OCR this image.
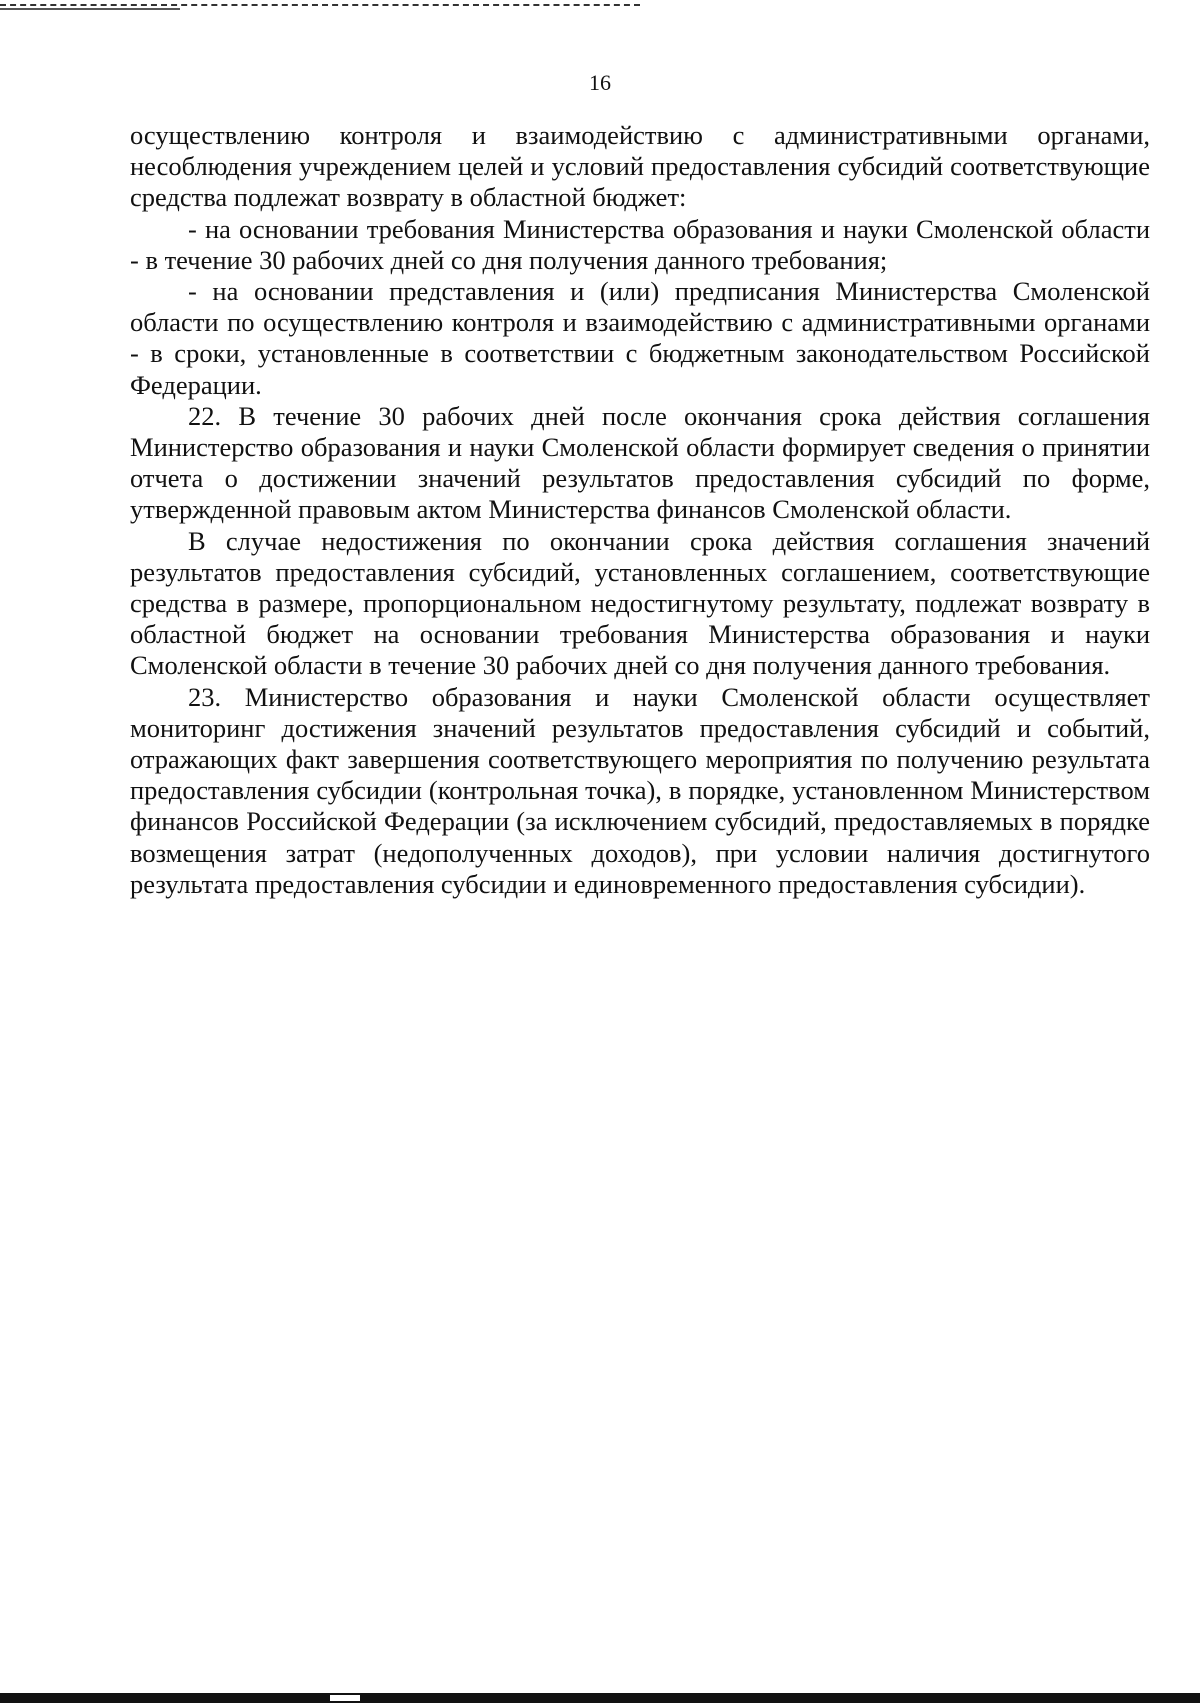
16

осуществлению контроля и взаимодействию с административными органами, несоблюдения учреждением целей и условий предоставления субсидий соответствующие средства подлежат возврату в областной бюджет:

- на основании требования Министерства образования и науки Смоленской области - в течение 30 рабочих дней со дня получения данного требования;

- на основании представления и (или) предписания Министерства Смоленской области по осуществлению контроля и взаимодействию с административными органами - в сроки, установленные в соответствии с бюджетным законодательством Российской Федерации.

22. В течение 30 рабочих дней после окончания срока действия соглашения Министерство образования и науки Смоленской области формирует сведения о принятии отчета о достижении значений результатов предоставления субсидий по форме, утвержденной правовым актом Министерства финансов Смоленской области.

В случае недостижения по окончании срока действия соглашения значений результатов предоставления субсидий, установленных соглашением, соответствующие средства в размере, пропорциональном недостигнутому результату, подлежат возврату в областной бюджет на основании требования Министерства образования и науки Смоленской области в течение 30 рабочих дней со дня получения данного требования.

23. Министерство образования и науки Смоленской области осуществляет мониторинг достижения значений результатов предоставления субсидий и событий, отражающих факт завершения соответствующего мероприятия по получению результата предоставления субсидии (контрольная точка), в порядке, установленном Министерством финансов Российской Федерации (за исключением субсидий, предоставляемых в порядке возмещения затрат (недополученных доходов), при условии наличия достигнутого результата предоставления субсидии и единовременного предоставления субсидии).
